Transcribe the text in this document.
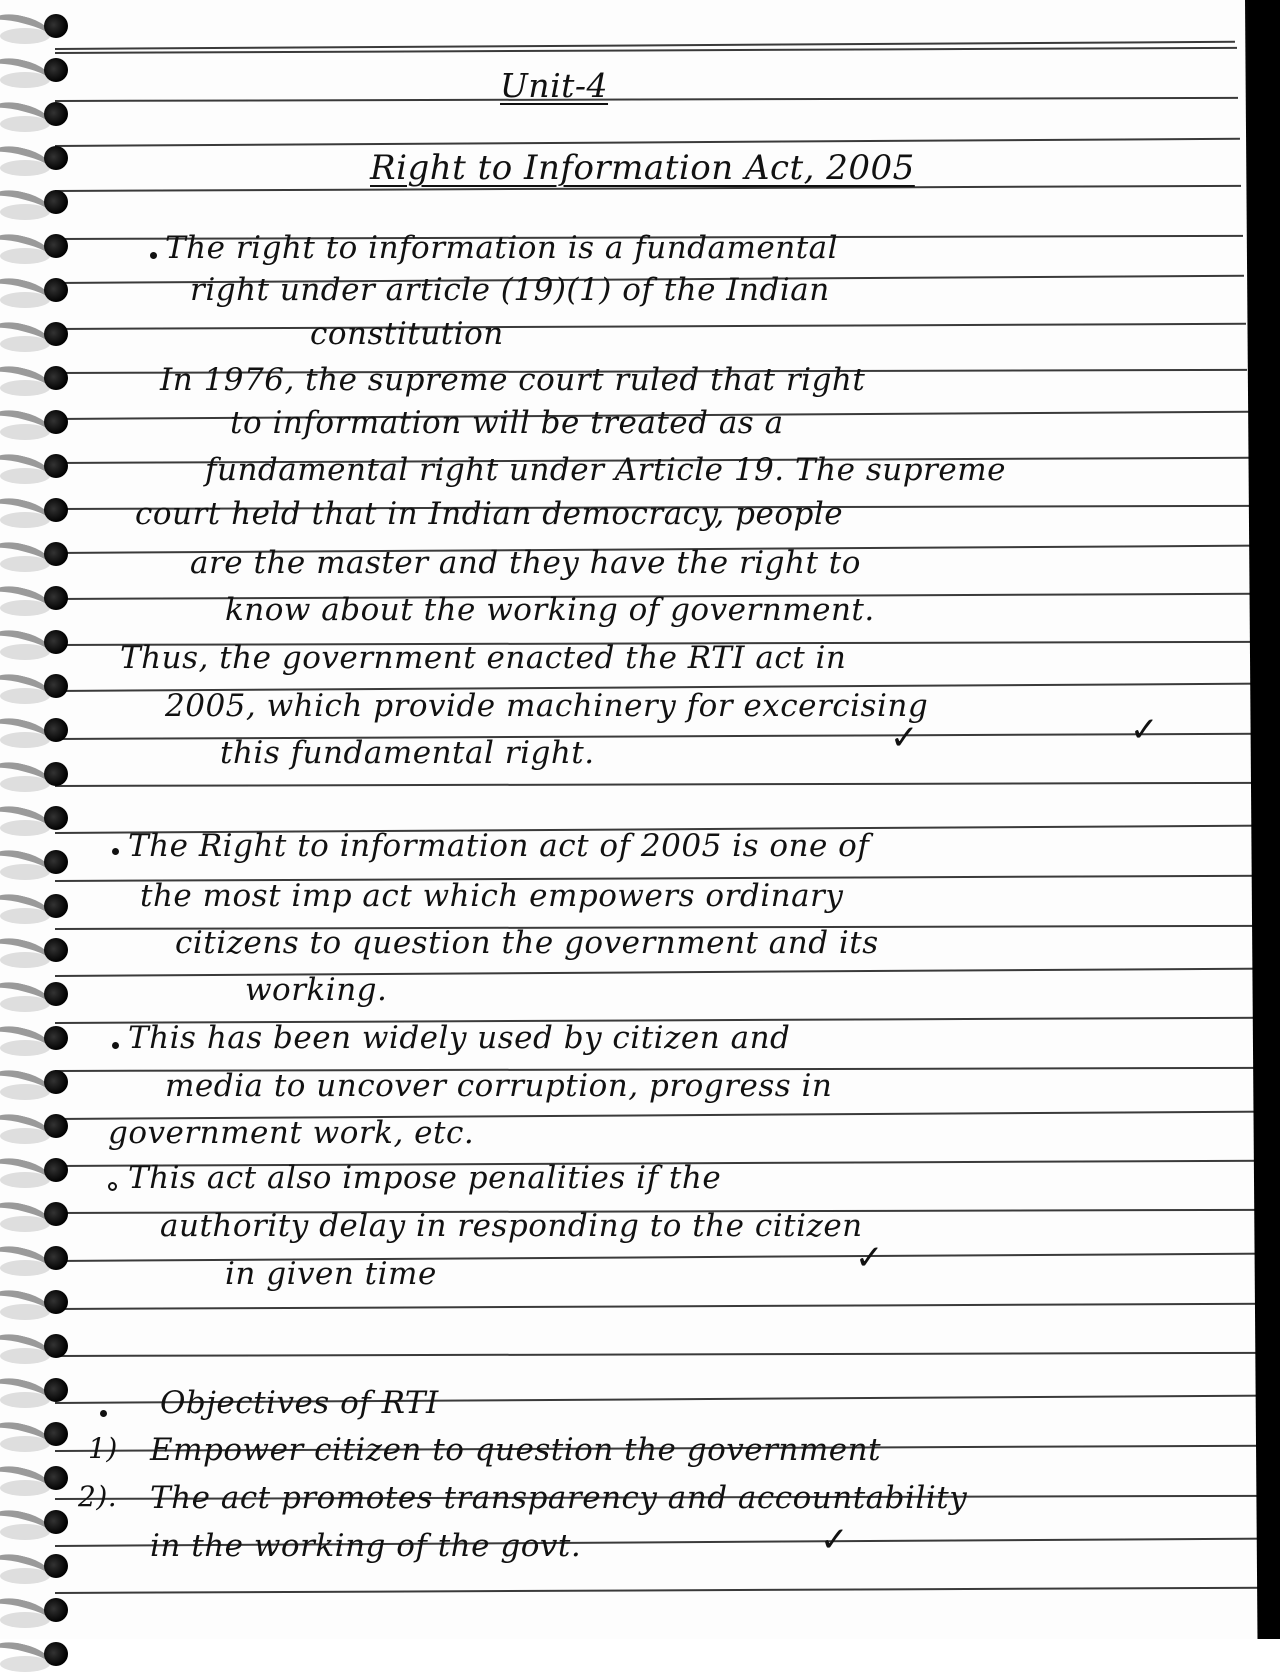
Unit-4
Right to Information Act, 2005
The right to information is a fundamental
right under article (19)(1) of the Indian
constitution
In 1976, the supreme court ruled that right
to information will be treated as a
fundamental right under Article 19. The supreme
court held that in Indian democracy, people
are the master and they have the right to
know about the working of government.
Thus, the government enacted the RTI act in
2005, which provide machinery for excercising
this fundamental right.	✓	✓
The Right to information act of 2005 is one of
the most imp act which empowers ordinary
citizens to question the government and its
working.
This has been widely used by citizen and
media to uncover corruption, progress in
government work, etc.
This act also impose penalities if the
authority delay in responding to the citizen
in given time	✓
Objectives of RTI
1) Empower citizen to question the government
2). The act promotes transparency and accountability
in the working of the govt.	✓
